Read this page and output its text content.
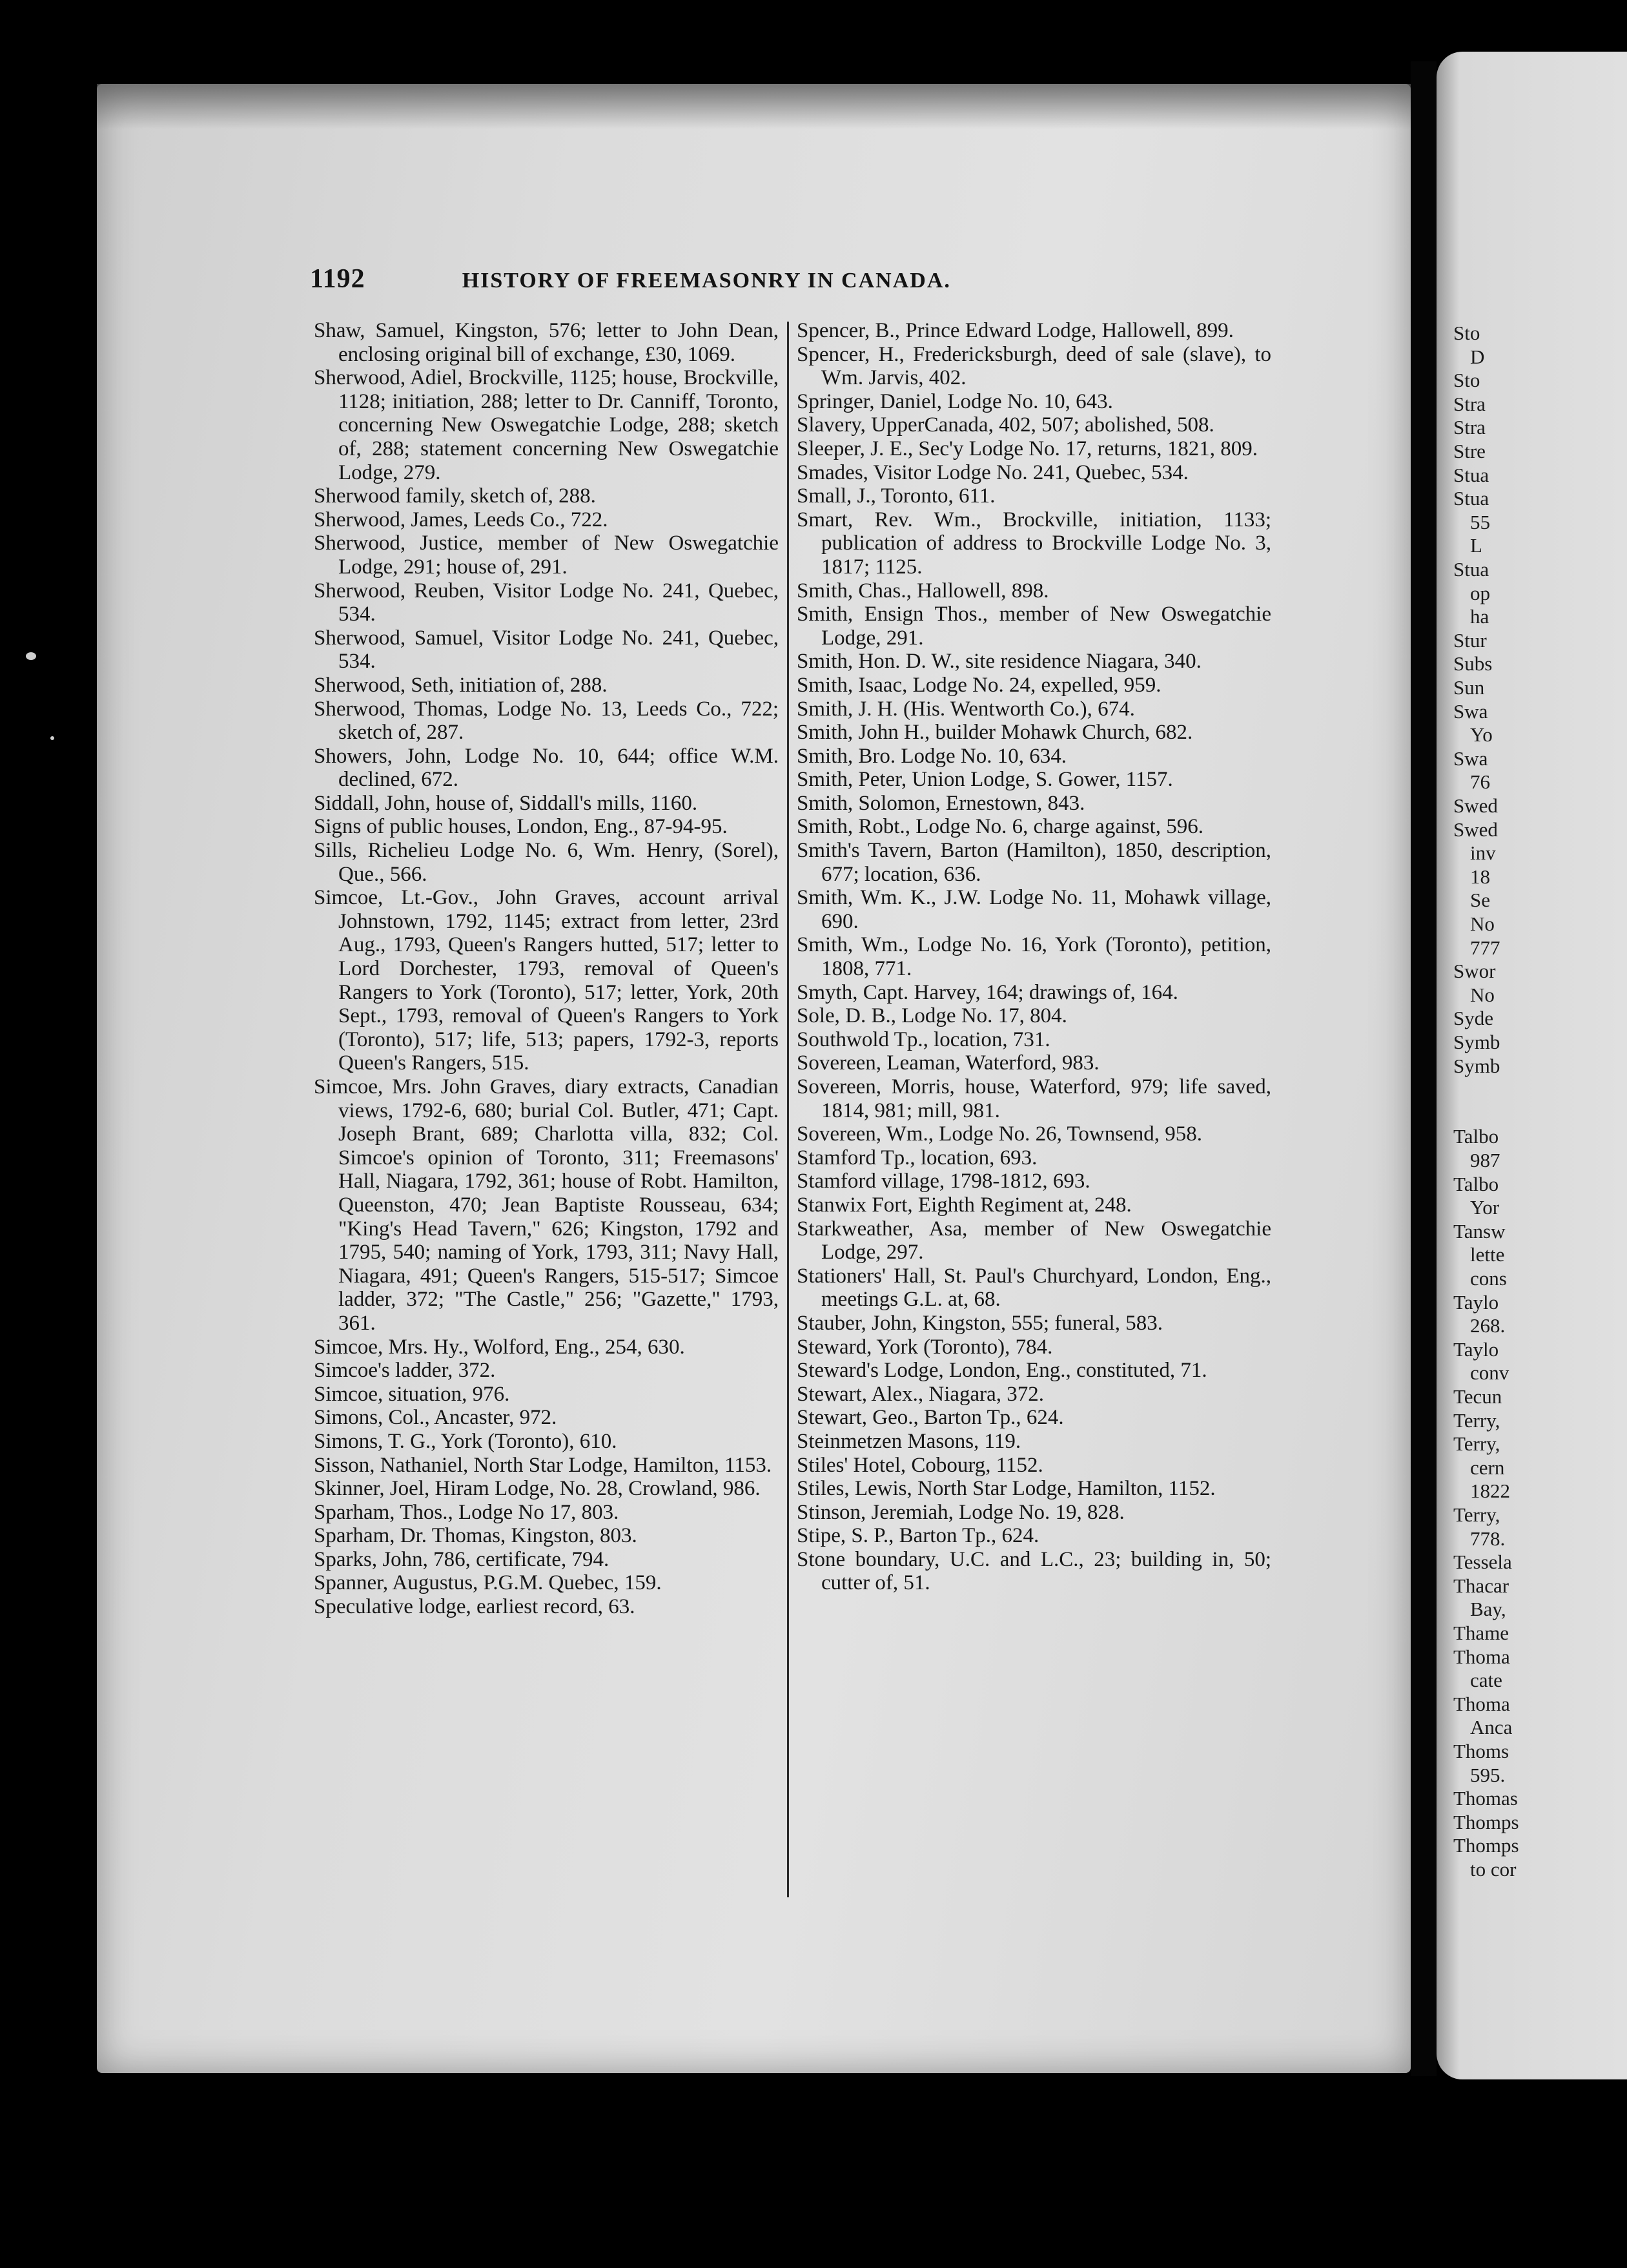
Sto
D
Sto
Stra
Stra
Stre
Stua
Stua
55
L
Stua
op
ha
Stur
Subs
Sun
Swa
Yo
Swa
76
Swed
Swed
inv
18
Se
No
777
Swor
No
Syde
Symb
Symb
Talbo
987
Talbo
Yor
Tansw
lette
cons
Taylo
268.
Taylo
conv
Tecun
Terry,
Terry,
cern
1822
Terry,
778.
Tessela
Thacar
Bay,
Thame
Thoma
cate
Thoma
Anca
Thoms
595.
Thomas
Thomps
Thomps
to cor
1192	HISTORY OF FREEMASONRY IN CANADA.

Shaw, Samuel, Kingston, 576; letter to John Dean, enclosing original bill of exchange, £30, 1069.

Sherwood, Adiel, Brockville, 1125; house, Brockville, 1128; initiation, 288; letter to Dr. Canniff, Toronto, concerning New Oswegatchie Lodge, 288; sketch of, 288; statement concerning New Oswegatchie Lodge, 279.

Sherwood family, sketch of, 288.

Sherwood, James, Leeds Co., 722.

Sherwood, Justice, member of New Oswegatchie Lodge, 291; house of, 291.

Sherwood, Reuben, Visitor Lodge No. 241, Quebec, 534.

Sherwood, Samuel, Visitor Lodge No. 241, Quebec, 534.

Sherwood, Seth, initiation of, 288.

Sherwood, Thomas, Lodge No. 13, Leeds Co., 722; sketch of, 287.

Showers, John, Lodge No. 10, 644; office W.M. declined, 672.

Siddall, John, house of, Siddall's mills, 1160.

Signs of public houses, London, Eng., 87-94-95.

Sills, Richelieu Lodge No. 6, Wm. Henry, (Sorel), Que., 566.

Simcoe, Lt.-Gov., John Graves, account arrival Johnstown, 1792, 1145; extract from letter, 23rd Aug., 1793, Queen's Rangers hutted, 517; letter to Lord Dorchester, 1793, removal of Queen's Rangers to York (Toronto), 517; letter, York, 20th Sept., 1793, removal of Queen's Rangers to York (Toronto), 517; life, 513; papers, 1792-3, reports Queen's Rangers, 515.

Simcoe, Mrs. John Graves, diary extracts, Canadian views, 1792-6, 680; burial Col. Butler, 471; Capt. Joseph Brant, 689; Charlotta villa, 832; Col. Simcoe's opinion of Toronto, 311; Freemasons' Hall, Niagara, 1792, 361; house of Robt. Hamilton, Queenston, 470; Jean Baptiste Rousseau, 634; "King's Head Tavern," 626; Kingston, 1792 and 1795, 540; naming of York, 1793, 311; Navy Hall, Niagara, 491; Queen's Rangers, 515-517; Simcoe ladder, 372; "The Castle," 256; "Gazette," 1793, 361.

Simcoe, Mrs. Hy., Wolford, Eng., 254, 630.

Simcoe's ladder, 372.

Simcoe, situation, 976.

Simons, Col., Ancaster, 972.

Simons, T. G., York (Toronto), 610.

Sisson, Nathaniel, North Star Lodge, Hamilton, 1153.

Skinner, Joel, Hiram Lodge, No. 28, Crowland, 986.

Sparham, Thos., Lodge No 17, 803.

Sparham, Dr. Thomas, Kingston, 803.

Sparks, John, 786, certificate, 794.

Spanner, Augustus, P.G.M. Quebec, 159.

Speculative lodge, earliest record, 63.

Spencer, B., Prince Edward Lodge, Hallowell, 899.

Spencer, H., Fredericksburgh, deed of sale (slave), to Wm. Jarvis, 402.

Springer, Daniel, Lodge No. 10, 643.

Slavery, UpperCanada, 402, 507; abolished, 508.

Sleeper, J. E., Sec'y Lodge No. 17, returns, 1821, 809.

Smades, Visitor Lodge No. 241, Quebec, 534.

Small, J., Toronto, 611.

Smart, Rev. Wm., Brockville, initiation, 1133; publication of address to Brockville Lodge No. 3, 1817; 1125.

Smith, Chas., Hallowell, 898.

Smith, Ensign Thos., member of New Oswegatchie Lodge, 291.

Smith, Hon. D. W., site residence Niagara, 340.

Smith, Isaac, Lodge No. 24, expelled, 959.

Smith, J. H. (His. Wentworth Co.), 674.

Smith, John H., builder Mohawk Church, 682.

Smith, Bro. Lodge No. 10, 634.

Smith, Peter, Union Lodge, S. Gower, 1157.

Smith, Solomon, Ernestown, 843.

Smith, Robt., Lodge No. 6, charge against, 596.

Smith's Tavern, Barton (Hamilton), 1850, description, 677; location, 636.

Smith, Wm. K., J.W. Lodge No. 11, Mohawk village, 690.

Smith, Wm., Lodge No. 16, York (Toronto), petition, 1808, 771.

Smyth, Capt. Harvey, 164; drawings of, 164.

Sole, D. B., Lodge No. 17, 804.

Southwold Tp., location, 731.

Sovereen, Leaman, Waterford, 983.

Sovereen, Morris, house, Waterford, 979; life saved, 1814, 981; mill, 981.

Sovereen, Wm., Lodge No. 26, Townsend, 958.

Stamford Tp., location, 693.

Stamford village, 1798-1812, 693.

Stanwix Fort, Eighth Regiment at, 248.

Starkweather, Asa, member of New Oswegatchie Lodge, 297.

Stationers' Hall, St. Paul's Churchyard, London, Eng., meetings G.L. at, 68.

Stauber, John, Kingston, 555; funeral, 583.

Steward, York (Toronto), 784.

Steward's Lodge, London, Eng., constituted, 71.

Stewart, Alex., Niagara, 372.

Stewart, Geo., Barton Tp., 624.

Steinmetzen Masons, 119.

Stiles' Hotel, Cobourg, 1152.

Stiles, Lewis, North Star Lodge, Hamilton, 1152.

Stinson, Jeremiah, Lodge No. 19, 828.

Stipe, S. P., Barton Tp., 624.

Stone boundary, U.C. and L.C., 23; building in, 50; cutter of, 51.
